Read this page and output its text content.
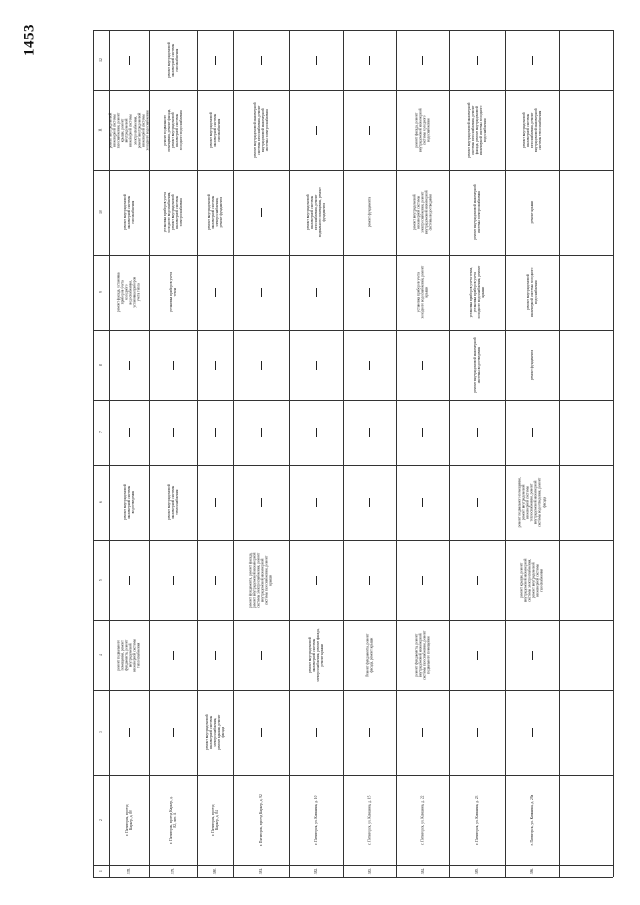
1453
1
2
3
4
5
6
7
8
9
10
11
12
378.
г. Пятигорск, проезд Карьер, д. 80
ремонт подвального помещения, ремонт фундамента, ремонт внутридомовой инженерной системы теплоснабжения
ремонт внутридомовой инженерной системы водоотведения
ремонт фасада, установка приборов учета холодного водоснабжения, установка приборов учета тепла
ремонт внутридомовой инженерной системы газоснабжения
ремонт внутридомовой инженерной системы газоснабжения, ремонт крыши, ремонт внутридомовой инженерной системы электроснабжения, ремонт внутридомовой инженерной системы холодного водоснабжения
379.
г. Пятигорск, проезд Карьер, д. 82, лит. А
ремонт внутридомовой инженерной системы теплоснабжения
установка приборов учета тепла
установка приборов учета холодного водоснабжения, ремонт внутридомовой инженерной системы электроснабжения
ремонт подвального помещения, ремонт фасада, ремонт внутридомовой инженерной системы холодного водоснабжения
ремонт внутридомовой инженерной системы газоснабжения
380.
г. Пятигорск, проезд Карьер, д. 84
ремонт внутридомовой инженерной системы электроснабжения, ремонт крыши, ремонт фасада
ремонт внутридомовой инженерной системы электроснабжения, ремонт фундамента
ремонт внутридомовой инженерной системы газоснабжения
381.
г. Пятигорск, проезд Карьер, д. 92
ремонт фундамента, ремонт фасада, ремонт внутридомовой инженерной системы электроснабжения, ремонт внутридомовой инженерной системы газоснабжения, ремонт крыши
ремонт внутридомовой инженерной системы газоснабжения, ремонт внутридомовой инженерной системы электроснабжения
382.
г. Пятигорск, ул. Ксишина, д. 10
ремонт внутридомовой инженерной системы электроснабжения, ремонт фасада, ремонт крыши
ремонт внутридомовой инженерной системы газоснабжения, ремонт подвального помещения, ремонт фундамента
383.
г. Пятигорск, ул. Ксишина, д. 15
Ремонт фундамента, ремонт фасада, ремонт крыши
ремонт фундамента
384.
г. Пятигорск, ул. Ксишина, д. 22
ремонт фундамента, ремонт внутридомовой инженерной системы газоснабжения, ремонт подвального помещения
установка приборов учета холодного водоснабжения, ремонт крыши
ремонт внутридомовой инженерной системы электроснабжения, ремонт внутридомовой инженерной системы водоотведения
ремонт фасада, ремонт внутридомовой инженерной системы холодного водоснабжения
385.
г. Пятигорск, ул. Ксишина, д. 23
ремонт внутридомовой инженерной системы водоотведения
установка приборов учета тепла, установка приборов учета холодного водоснабжения, ремонт крыши
ремонт внутридомовой инженерной системы электроснабжения
ремонт внутридомовой инженерной системы газоснабжения, ремонт фасада, ремонт внутридомовой инженерной системы холодного водоснабжения
386.
г. Пятигорск, ул. Ксишина, д. 29а
ремонт крыши, ремонт внутридомовой инженерной системы электроснабжения, ремонт внутридомовой инженерной системы газоснабжения
ремонт подвального помещения, ремонт внутридомовой инженерной системы теплоснабжения, ремонт внутридомовой инженерной системы водоотведения, ремонт фасада
ремонт фундамента
ремонт внутридомовой инженерной системы холодного водоснабжения
ремонт крыши
ремонт внутридомовой инженерной системы газоснабжения, ремонт внутридомовой инженерной системы теплоснабжения
